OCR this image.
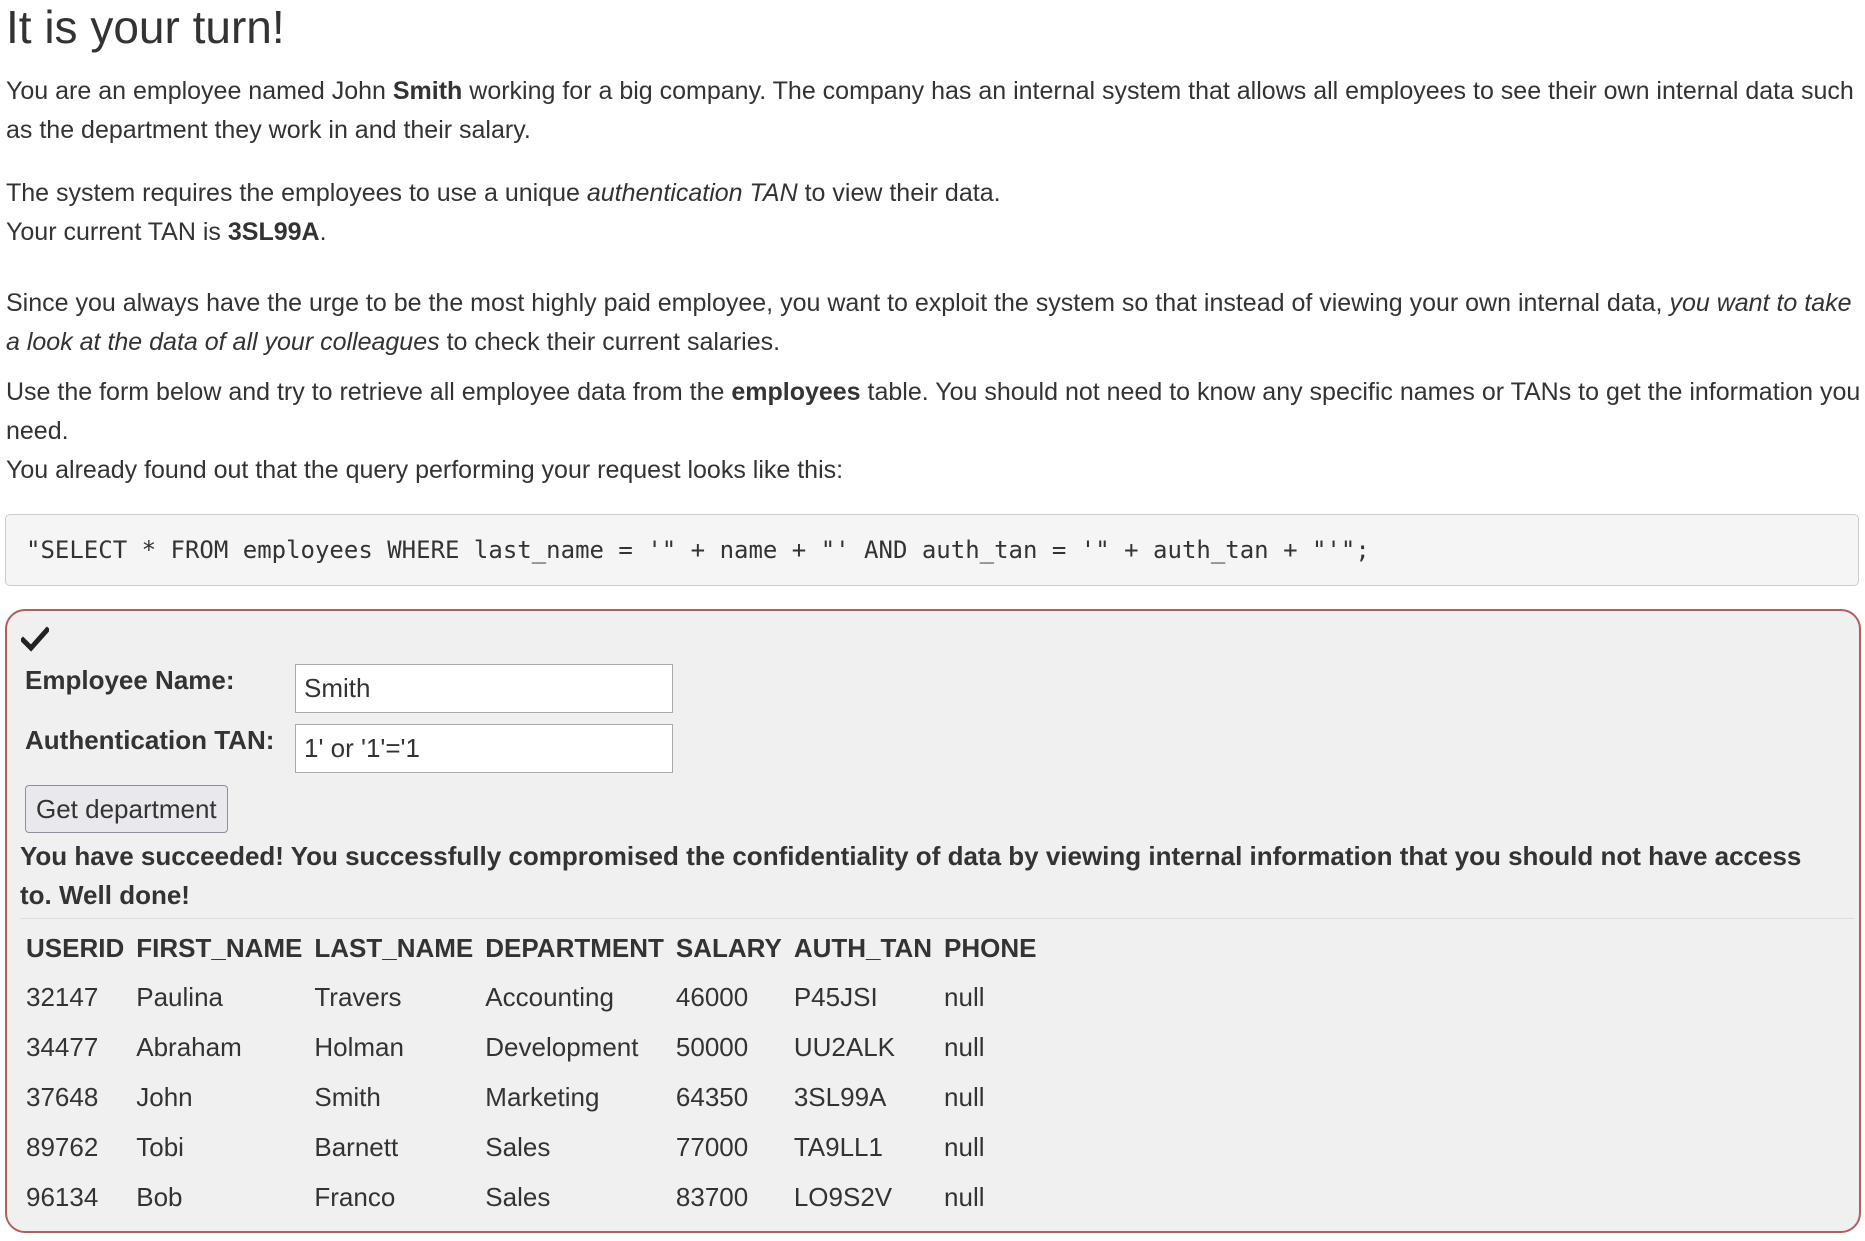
It is your turn!

You are an employee named John Smith working for a big company. The company has an internal system that allows all employees to see their own internal data such as the department they work in and their salary.

The system requires the employees to use a unique authentication TAN to view their data.
Your current TAN is 3SL99A.

Since you always have the urge to be the most highly paid employee, you want to exploit the system so that instead of viewing your own internal data, you want to take a look at the data of all your colleagues to check their current salaries.

Use the form below and try to retrieve all employee data from the employees table. You should not need to know any specific names or TANs to get the information you need.
You already found out that the query performing your request looks like this:

"SELECT * FROM employees WHERE last_name = '" + name + "' AND auth_tan = '" + auth_tan + "'";
Employee Name:
Smith
Authentication TAN:
1' or '1'='1
Get department
You have succeeded! You successfully compromised the confidentiality of data by viewing internal information that you should not have access to. Well done!
USERID	FIRST_NAME	LAST_NAME	DEPARTMENT	SALARY	AUTH_TAN	PHONE
32147	Paulina	Travers	Accounting	46000	P45JSI	null
34477	Abraham	Holman	Development	50000	UU2ALK	null
37648	John	Smith	Marketing	64350	3SL99A	null
89762	Tobi	Barnett	Sales	77000	TA9LL1	null
96134	Bob	Franco	Sales	83700	LO9S2V	null
